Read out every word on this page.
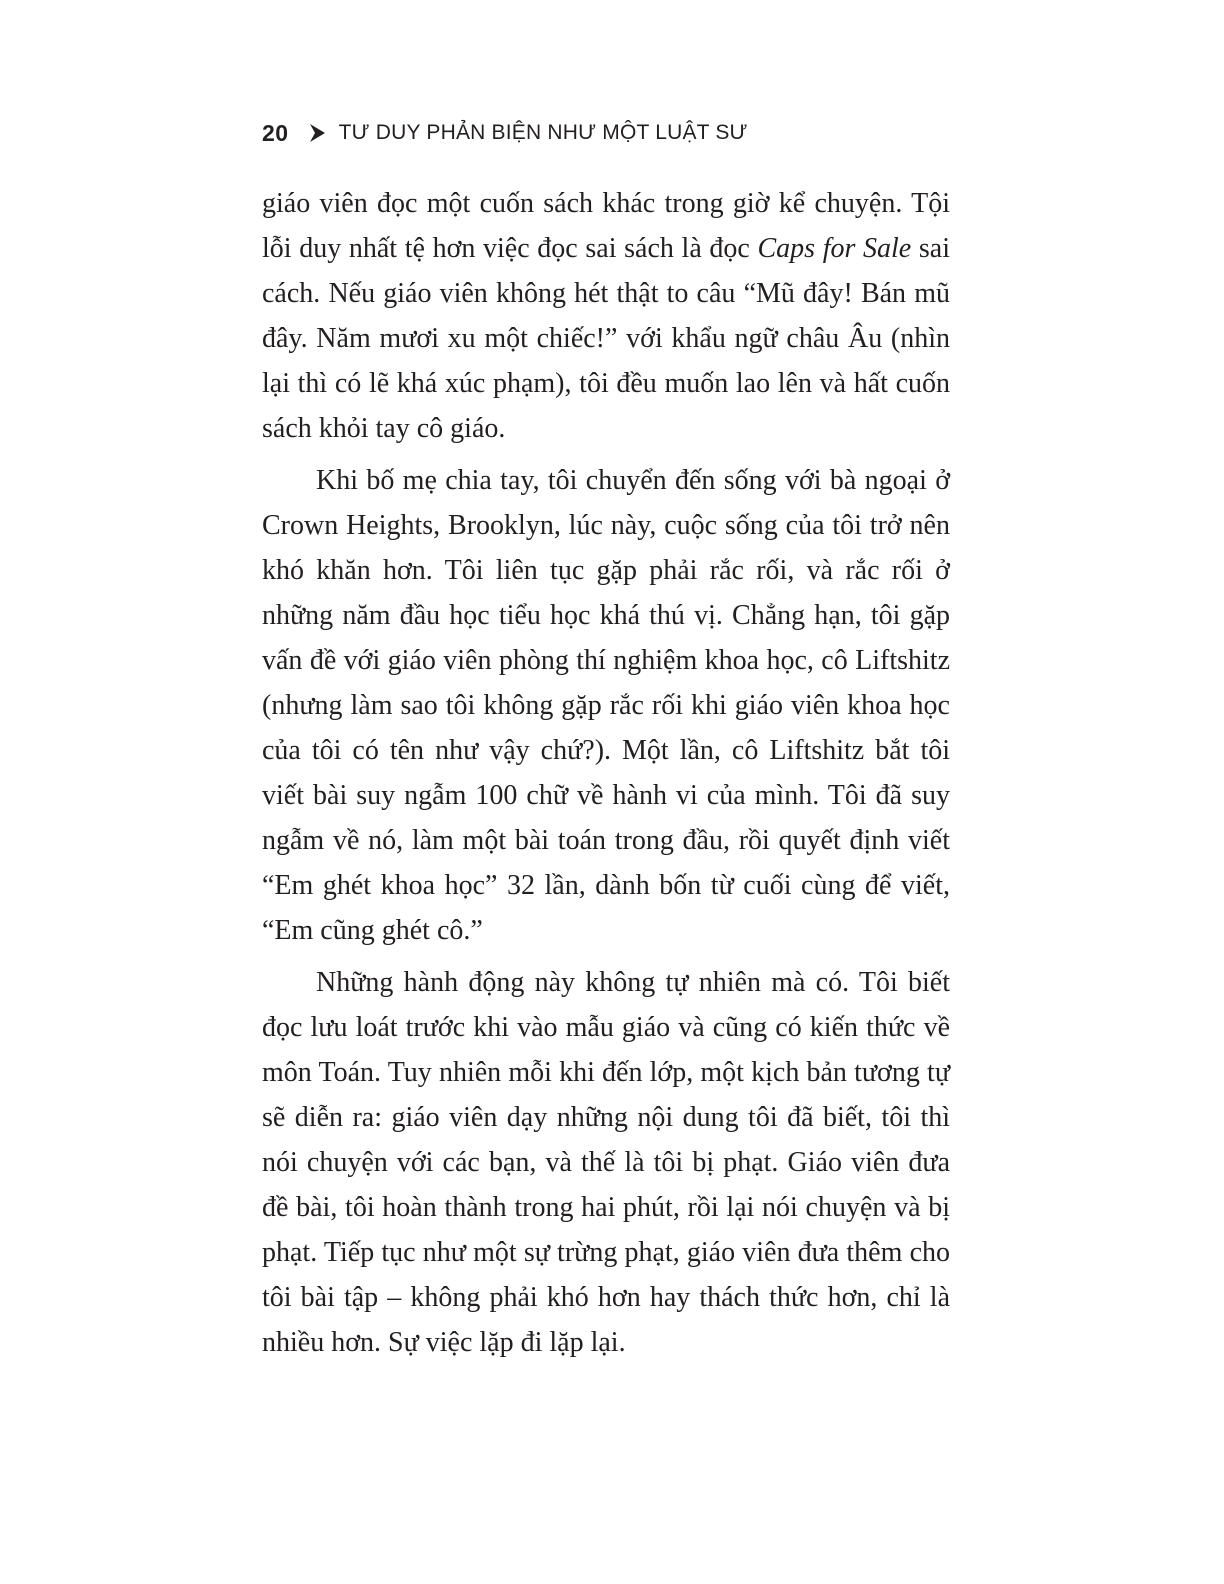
20 TƯ DUY PHẢN BIỆN NHƯ MỘT LUẬT SƯ

giáo viên đọc một cuốn sách khác trong giờ kể chuyện. Tội lỗi duy nhất tệ hơn việc đọc sai sách là đọc Caps for Sale sai cách. Nếu giáo viên không hét thật to câu “Mũ đây! Bán mũ đây. Năm mươi xu một chiếc!” với khẩu ngữ châu Âu (nhìn lại thì có lẽ khá xúc phạm), tôi đều muốn lao lên và hất cuốn sách khỏi tay cô giáo.

Khi bố mẹ chia tay, tôi chuyển đến sống với bà ngoại ở Crown Heights, Brooklyn, lúc này, cuộc sống của tôi trở nên khó khăn hơn. Tôi liên tục gặp phải rắc rối, và rắc rối ở những năm đầu học tiểu học khá thú vị. Chẳng hạn, tôi gặp vấn đề với giáo viên phòng thí nghiệm khoa học, cô Liftshitz (nhưng làm sao tôi không gặp rắc rối khi giáo viên khoa học của tôi có tên như vậy chứ?). Một lần, cô Liftshitz bắt tôi viết bài suy ngẫm 100 chữ về hành vi của mình. Tôi đã suy ngẫm về nó, làm một bài toán trong đầu, rồi quyết định viết “Em ghét khoa học” 32 lần, dành bốn từ cuối cùng để viết, “Em cũng ghét cô.”

Những hành động này không tự nhiên mà có. Tôi biết đọc lưu loát trước khi vào mẫu giáo và cũng có kiến thức về môn Toán. Tuy nhiên mỗi khi đến lớp, một kịch bản tương tự sẽ diễn ra: giáo viên dạy những nội dung tôi đã biết, tôi thì nói chuyện với các bạn, và thế là tôi bị phạt. Giáo viên đưa đề bài, tôi hoàn thành trong hai phút, rồi lại nói chuyện và bị phạt. Tiếp tục như một sự trừng phạt, giáo viên đưa thêm cho tôi bài tập – không phải khó hơn hay thách thức hơn, chỉ là nhiều hơn. Sự việc lặp đi lặp lại.
